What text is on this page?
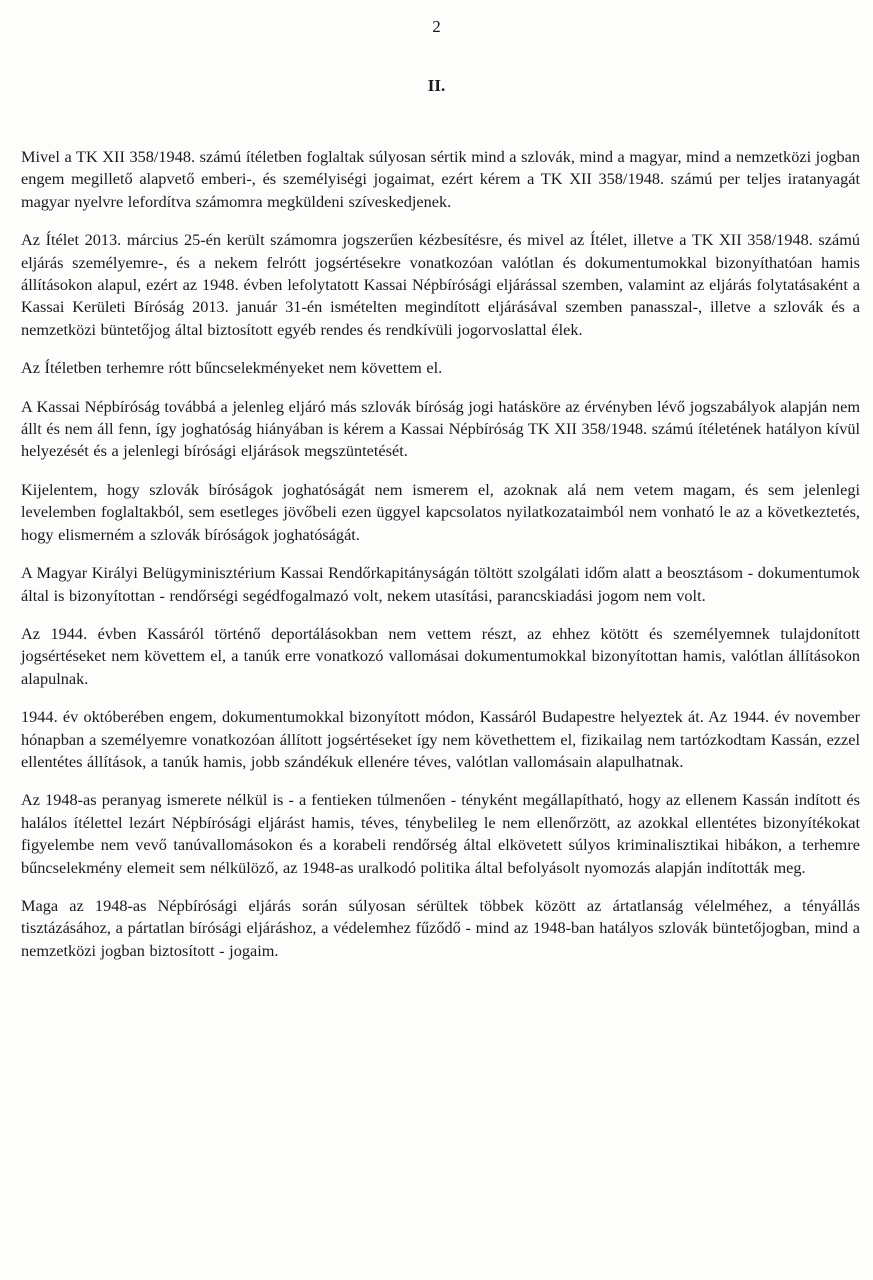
2
II.

Mivel a TK XII 358/1948. számú ítéletben foglaltak súlyosan sértik mind a szlovák, mind a magyar, mind a nemzetközi jogban engem megillető alapvető emberi-, és személyiségi jogaimat, ezért kérem a TK XII 358/1948. számú per teljes iratanyagát magyar nyelvre lefordítva számomra megküldeni szíveskedjenek.

Az Ítélet 2013. március 25-én került számomra jogszerűen kézbesítésre, és mivel az Ítélet, illetve a TK XII 358/1948. számú eljárás személyemre-, és a nekem felrótt jogsértésekre vonatkozóan valótlan és dokumentumokkal bizonyíthatóan hamis állításokon alapul, ezért az 1948. évben lefolytatott Kassai Népbírósági eljárással szemben, valamint az eljárás folytatásaként a Kassai Kerületi Bíróság 2013. január 31-én ismételten megindított eljárásával szemben panasszal-, illetve a szlovák és a nemzetközi büntetőjog által biztosított egyéb rendes és rendkívüli jogorvoslattal élek.

Az Ítéletben terhemre rótt bűncselekményeket nem követtem el.

A Kassai Népbíróság továbbá a jelenleg eljáró más szlovák bíróság jogi hatásköre az érvényben lévő jogszabályok alapján nem állt és nem áll fenn, így joghatóság hiányában is kérem a Kassai Népbíróság TK XII 358/1948. számú ítéletének hatályon kívül helyezését és a jelenlegi bírósági eljárások megszüntetését.

Kijelentem, hogy szlovák bíróságok joghatóságát nem ismerem el, azoknak alá nem vetem magam, és sem jelenlegi levelemben foglaltakból, sem esetleges jövőbeli ezen üggyel kapcsolatos nyilatkozataimból nem vonható le az a következtetés, hogy elismerném a szlovák bíróságok joghatóságát.

A Magyar Királyi Belügyminisztérium Kassai Rendőrkapitányságán töltött szolgálati időm alatt a beosztásom - dokumentumok által is bizonyítottan - rendőrségi segédfogalmazó volt, nekem utasítási, parancskiadási jogom nem volt.

Az 1944. évben Kassáról történő deportálásokban nem vettem részt, az ehhez kötött és személyemnek tulajdonított jogsértéseket nem követtem el, a tanúk erre vonatkozó vallomásai dokumentumokkal bizonyítottan hamis, valótlan állításokon alapulnak.

1944. év októberében engem, dokumentumokkal bizonyított módon, Kassáról Budapestre helyeztek át. Az 1944. év november hónapban a személyemre vonatkozóan állított jogsértéseket így nem követhettem el, fizikailag nem tartózkodtam Kassán, ezzel ellentétes állítások, a tanúk hamis, jobb szándékuk ellenére téves, valótlan vallomásain alapulhatnak.

Az 1948-as peranyag ismerete nélkül is - a fentieken túlmenően - tényként megállapítható, hogy az ellenem Kassán indított és halálos ítélettel lezárt Népbírósági eljárást hamis, téves, ténybelileg le nem ellenőrzött, az azokkal ellentétes bizonyítékokat figyelembe nem vevő tanúvallomásokon és a korabeli rendőrség által elkövetett súlyos kriminalisztikai hibákon, a terhemre bűncselekmény elemeit sem nélkülöző, az 1948-as uralkodó politika által befolyásolt nyomozás alapján indították meg.

Maga az 1948-as Népbírósági eljárás során súlyosan sérültek többek között az ártatlanság vélelméhez, a tényállás tisztázásához, a pártatlan bírósági eljáráshoz, a védelemhez fűződő - mind az 1948-ban hatályos szlovák büntetőjogban, mind a nemzetközi jogban biztosított - jogaim.
